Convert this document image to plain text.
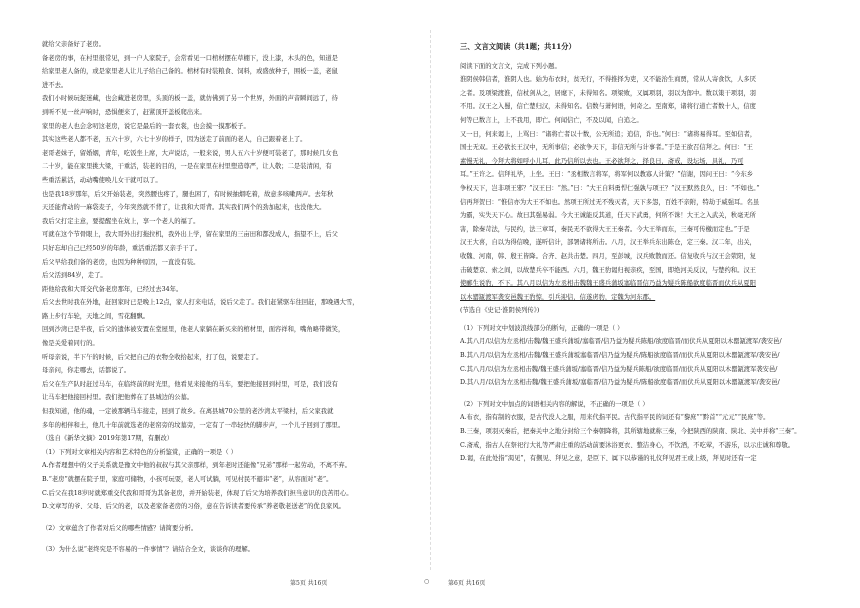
就给父亲备好了老房。
备老房的事，在村里很常见，到一户人家院子，会常看见一口棺材摆在草棚下，没上漆，木头的色，知道是
给家里老人备的，或是家里老人让儿子给自己备的。棺材有时装粮食、饲料，或盛放种子，围板一盖，老鼠
进不去。
我们小时候玩捉迷藏，也会藏进老房里，头顶的板一盖，就仿佛到了另一个世界，外面的声音瞬间远了，待
到听不见一丝声响时，恐惧便来了，赶紧顶开盖板爬出来。
家里的老人也会念叨这老房，说它是最后的一套衣裳，也会摸一摸那板子。
其实这些老人都不老，五六十岁，六七十岁的样子，因为送走了前面的老人，自己跟着老上了。
老哥老妹子，留婚姻，青年，吃饭坐上席，大声说话，一般来说，男人五六十岁便可装老了，那时候几女也
二十岁，能在家里挑大梁，干重活，装老的目的，一是在家里在村里塑造尊严，让人敬；二是装清闲，有
些重活累活，动动嘴使唤儿女干就可以了。
也是我18岁那年，后父开始装老，突然腰也疼了，腿也困了，有时候抽烟吃着，故意多咳嗽两声。去年秋
天还能背动的一麻袋麦子，今年突然就不背了，让我和大哥背。其实我们两个的劲加起来，也没他大。
我后父打定主意，要提醒坐在炕上，享一个老人的福了。
可就在这个节骨眼上，我大哥外出打拖拉机，我外出上学，留在家里的三亩田和都没成人，指望不上，后父
只好忘却自己已经50岁的年龄，重活重活都又亲手干了。
后父早给我们备的老房，也因为种种原因，一直没有装。
后父活到84岁，走了。
距他给我和大哥交代备老房那年，已经过去34年。
后父去世时我在外地，赶回家时已是晚上12点，家人打来电话，说后父走了。我们赶紧驱车往回赶，那晚遇大雪，
路上步行车轮，天地之间，雪花翻飘。
回到沙湾已是半夜，后父的遗体被安置在堂屋里，他老人家躺在新买来的棺材里，面容祥和，嘴角略带微笑，
像是关爱着同行的。
听母亲说，半下午的时候，后父把自己的衣物全收拾起来，打了包，说要走了。
母亲问，你走哪去，话都说了。
后父在生产队时赶过马车，在临终前的时光里，他看见来接他的马车，要把他接回到村里，可是，我们没有
让马车把他接回村里。我们把他葬在了县城边的公墓。
但我知道，他的魂，一定被那辆马车接走，回到了故乡。在离县城70公里的老沙湾太平梁村，后父家我就
多年的相伴和土，他几十年前就选老的老窑旁的坟墓旁，一定有了一串轻快的脚步声，一个儿子回到了那里。
（选自《新华文摘》2019年第17期，有删改）
（1）下列对文章相关内容和艺术特色的分析鉴赏，正确的一项是（ ）
A.作者理想中的父子关系就是豫文中他的叔叔与其父亲那样，到年老时还能像“兄弟”那样一起劳动，不离不弃。
B.“老房”就摆在院子里，家庭可储物，小孩可玩耍，老人可试躺，可见村民不避讳“老”，从容面对“老”。
C.后父在我18岁时就郑重交代我和哥哥为其备老房，并开始装老，体现了后父为培养我们担当意识的良苦用心。
D.文章写的爷、父母、后父的老，以及老家备老房的习俗，意在告诉读者要传承“养老敬老送老”的优良家风。
（2）文章蕴含了作者对后父的哪些情感？请简要分析。
（3）为什么说“老终究是不容易的一件事情”？请结合全文，谈谈你的理解。
三、文言文阅读（共1题；共11分）
阅读下面的文言文，完成下列小题。
淮阴侯韩信者，淮阴人也。始为布衣时，贫无行，不得推择为吏，又不能治生商贾，常从人寄食饮，人多厌
之者。及项梁渡淮，信杖剑从之，居麾下，未得知名。项梁败，又属项羽，羽以为郎中。数以策干项羽，羽
不用。汉王之入蜀，信亡楚归汉，未得知名。信数与萧何语，何奇之。至南郑，诸将行道亡者数十人，信度
何等已数言上，上不我用，即亡。何闻信亡，不及以闻，自追之。
又一日，何来谒上，上骂曰：“诸将亡者以十数，公无所追；追信，诈也。”何曰：“诸将易得耳。至如信者，
国士无双。王必欲长王汉中，无所事信；必欲争天下，非信无所与计事者。”于是王欲召信拜之。何曰：“王
素慢无礼，今拜大将如呼小儿耳，此乃信所以去也。王必欲拜之，择良日，斋戒，设坛场，具礼，乃可
耳。”王许之。信拜礼毕，上坐。王曰：“丞相数言将军，将军何以教寡人计策？”信谢，因问王曰：“今东乡
争权天下，岂非项王邪？”汉王曰：“然。”曰：“大王自料勇悍仁强孰与项王？”汉王默然良久，曰：“不如也。”
信再拜贺曰：“惟信亦为大王不如也。然项王所过无不残灭者，天下多怨，百姓不亲附，特劫于威强耳。名虽
为霸，实失天下心。故曰其强易弱。今大王诚能反其道，任天下武勇，何所不诛！大王之入武关，秋毫无所
害，除秦苛法，与民约，法三章耳，秦民无不欲得大王王秦者。今大王举而东，三秦可传檄而定也。”于是
汉王大喜，自以为得信晚，遂听信计，部署诸将所击。八月，汉王举兵东出陈仓，定三秦。汉二年，出关，
收魏、河南，韩、殷王皆降。合齐、赵共击楚。四月，至彭城，汉兵败散而还。信复收兵与汉王会荥阳，复
击破楚京、索之间，以故楚兵卒不能西。六月，魏王豹谒归视亲疾，至国，即绝河关反汉，与楚约和。汉王
使郦生说豹，不下。其八月以信为左丞相击魏魏王盛兵蒲坂塞临晋信乃益为疑兵陈船欲度临晋而伏兵从夏阳
以木罂缻渡军袭安邑魏王豹惊，引兵迎信，信遂虏豹，定魏为河东郡。
(节选自《史记·淮阴侯列传》)
（1）下列对文中划波浪线部分的断句，正确的一项是（ ）
A.其八月/以信为左丞相/击魏/魏王盛兵蒲坂/塞临晋/信乃益为疑兵陈船/欲度临晋/而伏兵从夏阳以木罂缻渡军/袭安邑/
B.其八月/以信为左丞相/击魏/魏王盛兵蒲坂塞临晋/信乃益为疑兵/陈船欲度临晋/而伏兵从夏阳以木罂缻渡军/袭安邑/
C.其八月/以信为左丞相击魏/魏王盛兵蒲坂/塞临晋/信乃益为疑兵陈船/欲度临晋/而伏兵从夏阳以木罂缻渡军袭安邑/
D.其八月/以信为左丞相击魏/魏王盛兵蒲坂/塞临晋/信乃益为疑兵/陈船欲度临晋/而伏兵从夏阳以木罂缻渡军/袭安邑/
（2）下列对文中加点的词语相关内容的解说，不正确的一项是（ ）
A.布衣，指有制的衣服，是古代没人之服，用来代指平民。古代指平民的词还有“黎庶”“黔首”“元元”“民庶”等。
B.三秦，项羽灭秦后，把秦关中之地分封给三个秦朝降将，其所辖地就称三秦，今把陕西的陕南、陕北、关中并称“三秦”。
C.斋戒，指古人在祭祀行大礼等严肃庄重的活动前要沐浴更衣、整洁身心，不饮酒，不吃荤，不游乐，以示庄诚和尊敬。
D.谒，在此处指“渴见”，有觐见、拜见之意，是臣下、属下以恭谨的礼仪拜见君王或上级，拜见时还有一定
第5页 共16页	○	第6页 共16页
